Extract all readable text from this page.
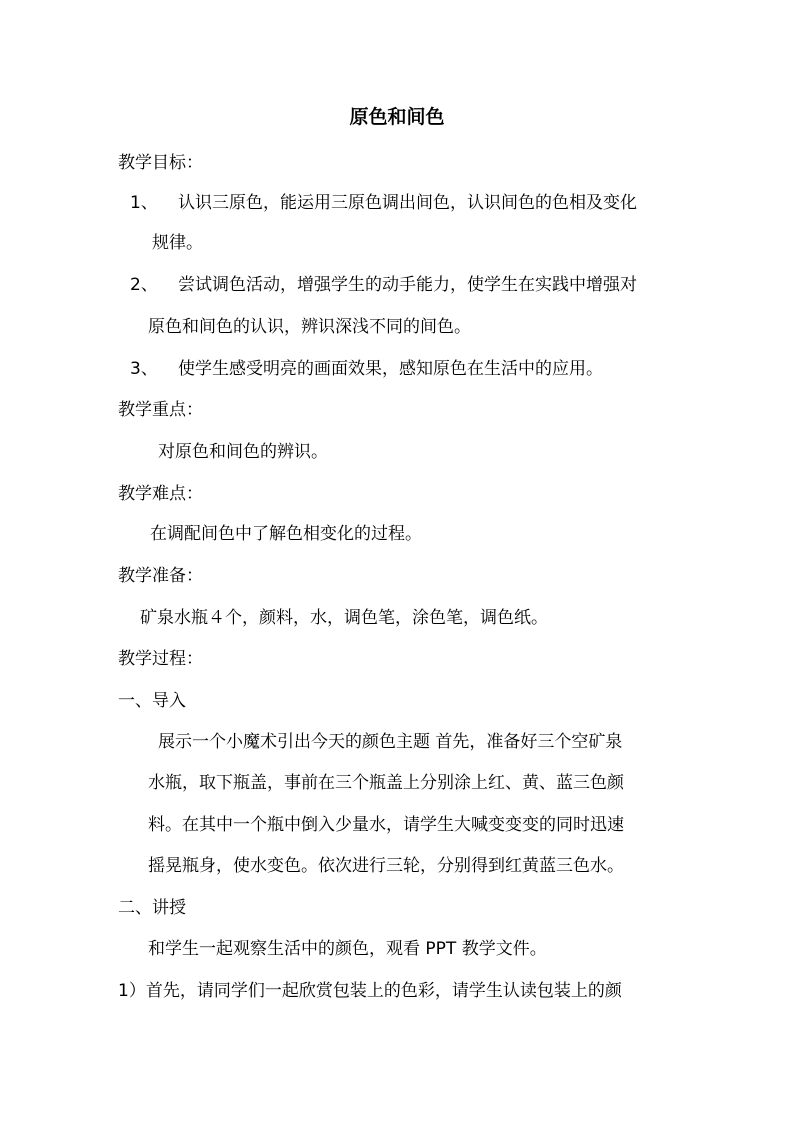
原色和间色
教学目标：
1、 认识三原色，能运用三原色调出间色，认识间色的色相及变化
规律。
2、 尝试调色活动，增强学生的动手能力，使学生在实践中增强对
原色和间色的认识，辨识深浅不同的间色。
3、 使学生感受明亮的画面效果，感知原色在生活中的应用。
教学重点：
对原色和间色的辨识。
教学难点：
在调配间色中了解色相变化的过程。
教学准备：
矿泉水瓶４个，颜料，水，调色笔，涂色笔，调色纸。
教学过程：
一、导入
展示一个小魔术引出今天的颜色主题 首先，准备好三个空矿泉
水瓶，取下瓶盖，事前在三个瓶盖上分别涂上红、黄、蓝三色颜
料。在其中一个瓶中倒入少量水，请学生大喊变变变的同时迅速
摇晃瓶身，使水变色。依次进行三轮，分别得到红黄蓝三色水。
二、讲授
和学生一起观察生活中的颜色，观看 PPT 教学文件。
1）首先，请同学们一起欣赏包装上的色彩，请学生认读包装上的颜
